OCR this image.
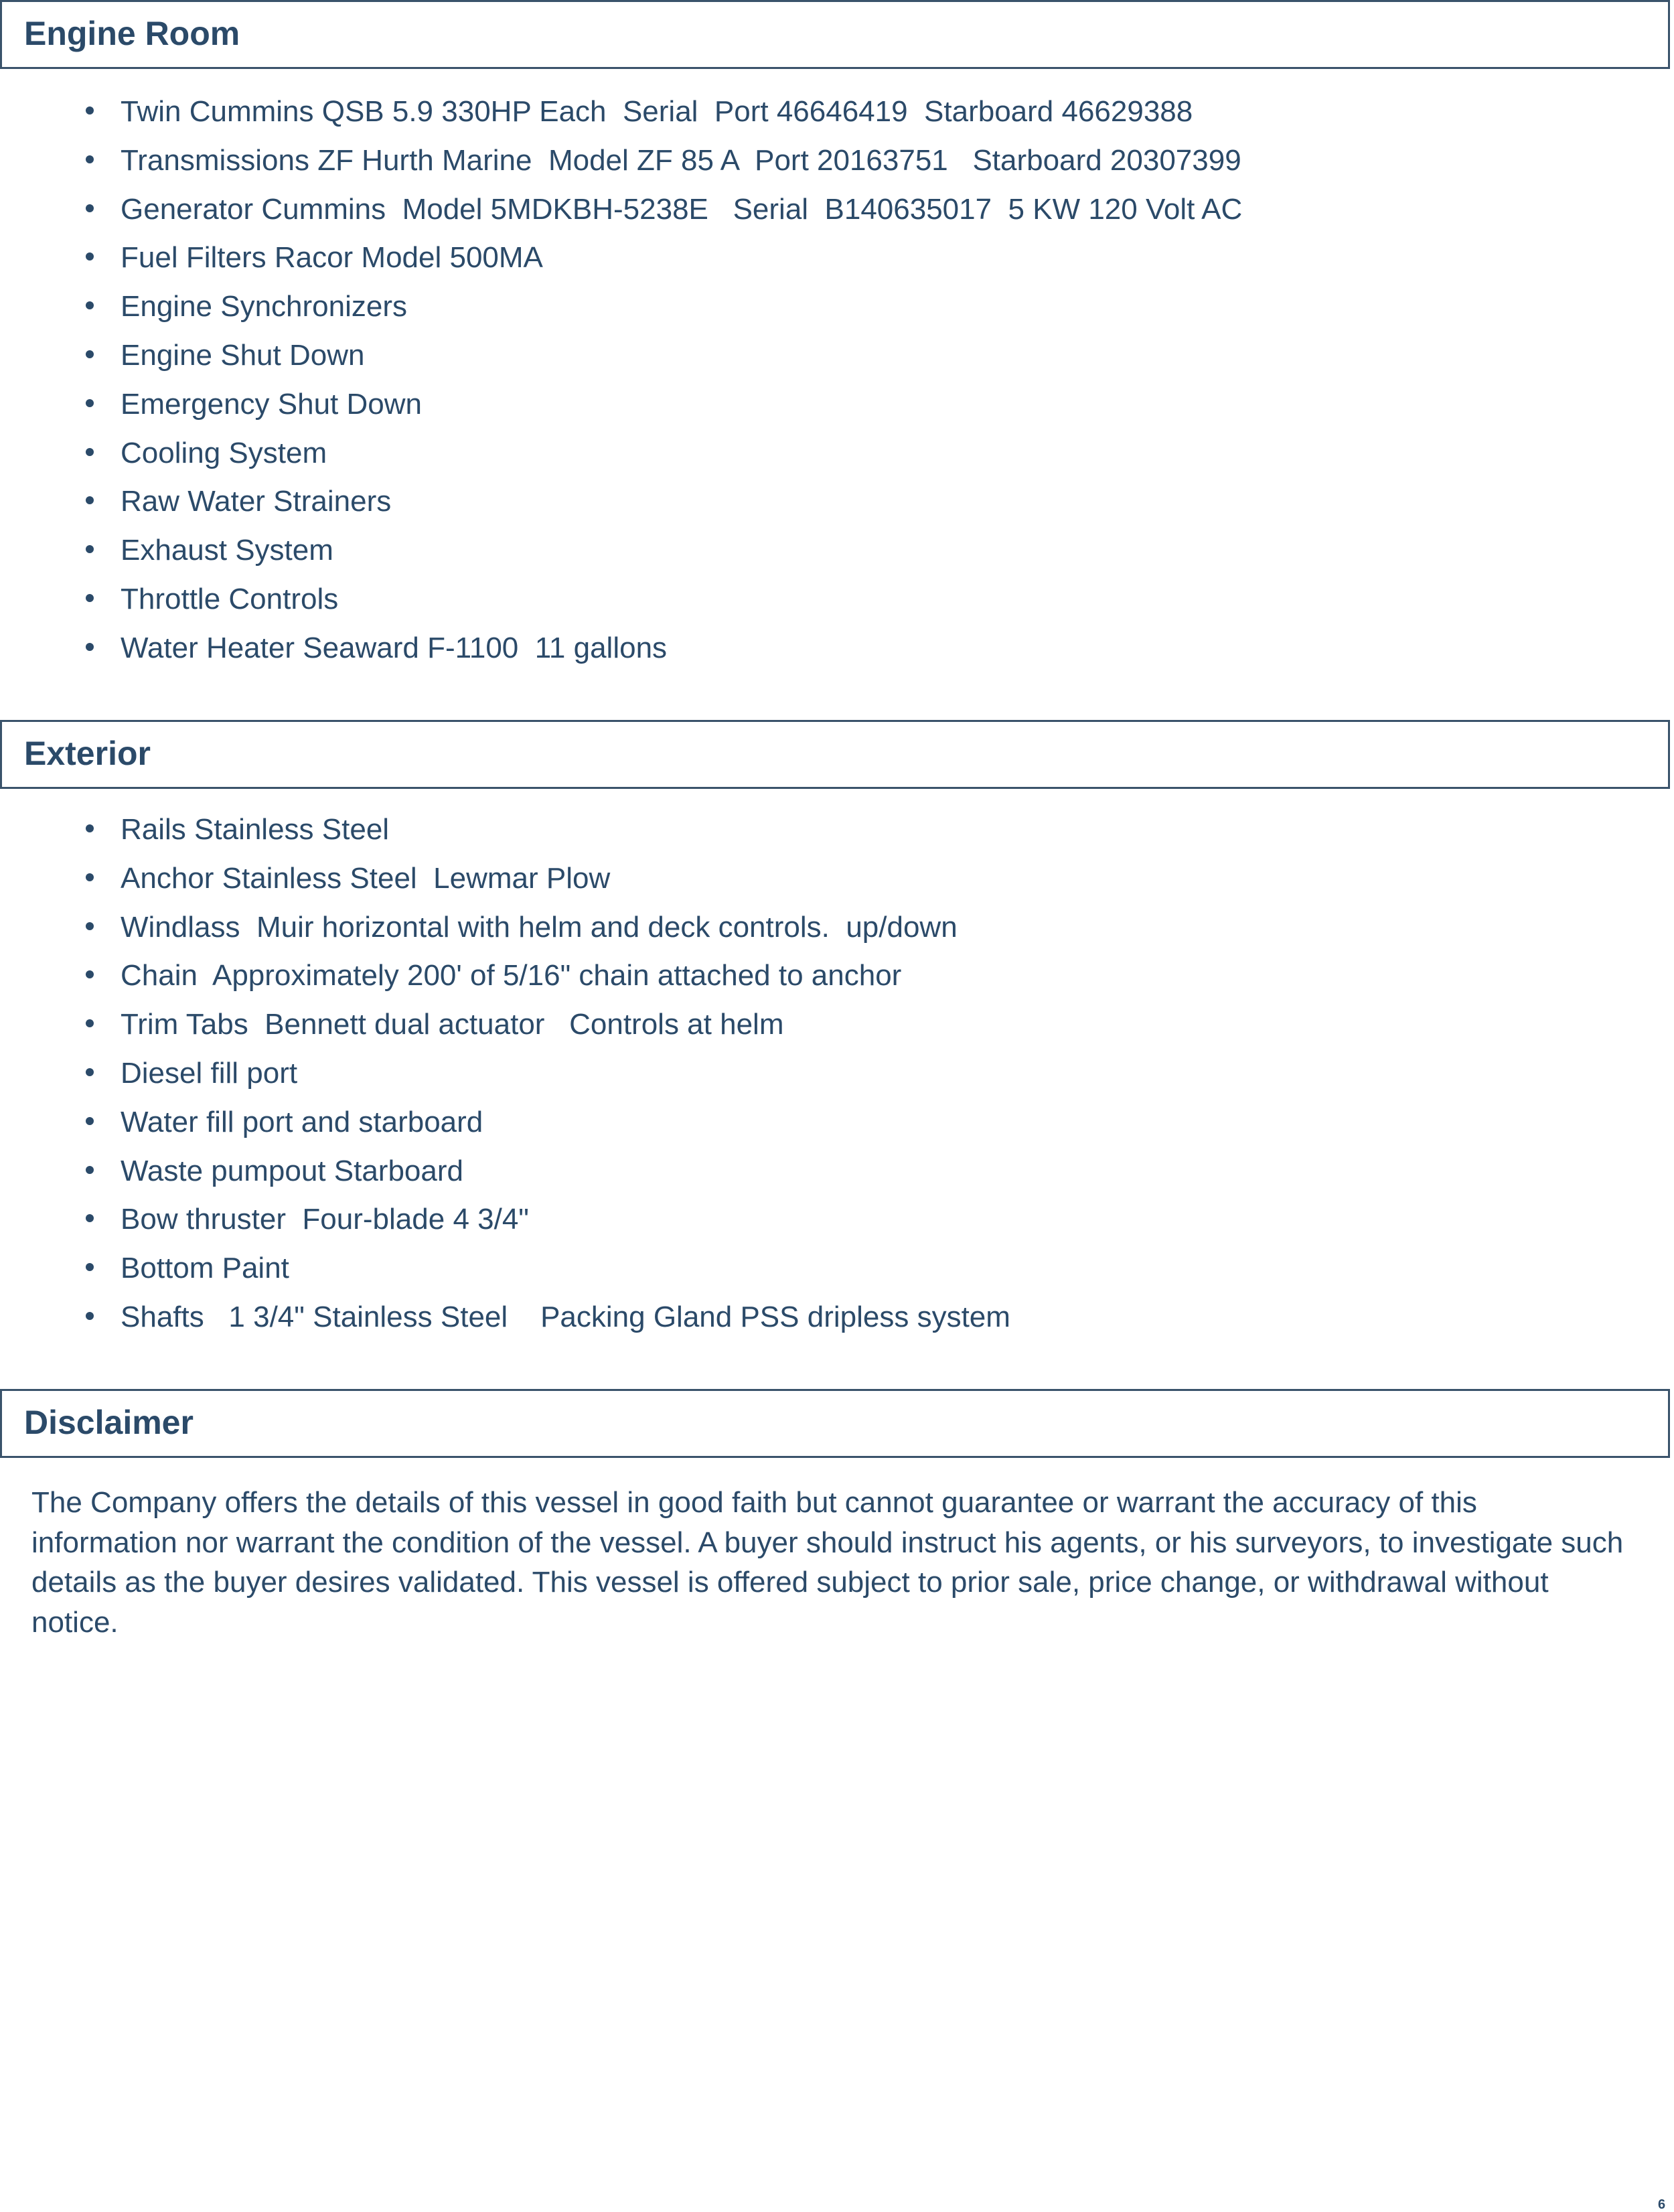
Engine Room
Twin Cummins QSB 5.9 330HP Each  Serial  Port 46646419  Starboard 46629388
Transmissions ZF Hurth Marine  Model ZF 85 A  Port 20163751   Starboard 20307399
Generator Cummins  Model 5MDKBH-5238E   Serial  B140635017  5 KW 120 Volt AC
Fuel Filters Racor Model 500MA
Engine Synchronizers
Engine Shut Down
Emergency Shut Down
Cooling System
Raw Water Strainers
Exhaust System
Throttle Controls
Water Heater Seaward F-1100  11 gallons
Exterior
Rails Stainless Steel
Anchor Stainless Steel  Lewmar Plow
Windlass  Muir horizontal with helm and deck controls.  up/down
Chain  Approximately 200' of 5/16" chain attached to anchor
Trim Tabs  Bennett dual actuator   Controls at helm
Diesel fill port
Water fill port and starboard
Waste pumpout Starboard
Bow thruster  Four-blade 4 3/4"
Bottom Paint
Shafts   1 3/4" Stainless Steel    Packing Gland PSS dripless system
Disclaimer

The Company offers the details of this vessel in good faith but cannot guarantee or warrant the accuracy of this information nor warrant the condition of the vessel. A buyer should instruct his agents, or his surveyors, to investigate such details as the buyer desires validated. This vessel is offered subject to prior sale, price change, or withdrawal without notice.

6
